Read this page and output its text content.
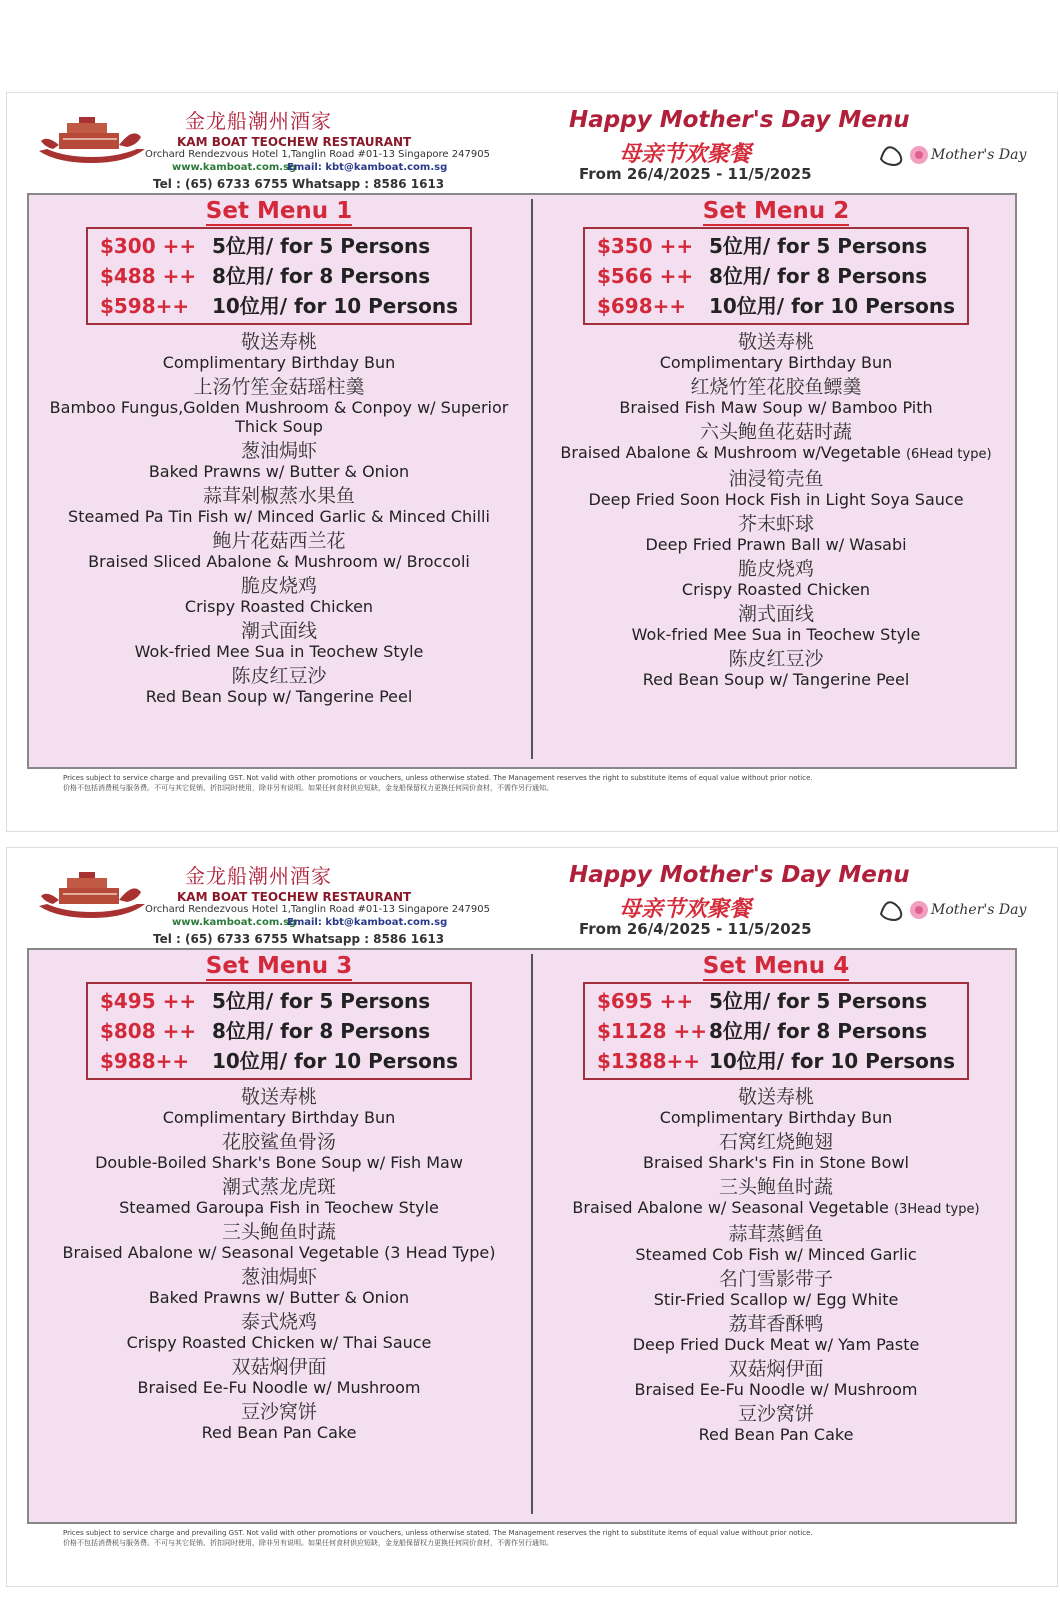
金龙船潮州酒家
KAM BOAT TEOCHEW RESTAURANT
Orchard Rendezvous Hotel 1,Tanglin Road #01-13 Singapore 247905
www.kamboat.com.sg
Email: kbt@kamboat.com.sg
Tel : (65) 6733 6755 Whatsapp : 8586 1613
Happy Mother's Day Menu
母亲节欢聚餐
From 26/4/2025 - 11/5/2025
Mother's Day
Set Menu 1
$300 ++ 5位用/ for 5 Persons
$488 ++ 8位用/ for 8 Persons
$598++ 10位用/ for 10 Persons
敬送寿桃
Complimentary Birthday Bun
上汤竹笙金菇瑶柱羹
Bamboo Fungus,Golden Mushroom & Conpoy w/ Superior Thick Soup
葱油焗虾
Baked Prawns w/ Butter & Onion
蒜茸剁椒蒸水果鱼
Steamed Pa Tin Fish w/ Minced Garlic & Minced Chilli
鲍片花菇西兰花
Braised Sliced Abalone & Mushroom w/ Broccoli
脆皮烧鸡
Crispy Roasted Chicken
潮式面线
Wok-fried Mee Sua in Teochew Style
陈皮红豆沙
Red Bean Soup w/ Tangerine Peel
Set Menu 2
$350 ++ 5位用/ for 5 Persons
$566 ++ 8位用/ for 8 Persons
$698++ 10位用/ for 10 Persons
敬送寿桃
Complimentary Birthday Bun
红烧竹笙花胶鱼鳔羹
Braised Fish Maw Soup w/ Bamboo Pith
六头鲍鱼花菇时蔬
Braised Abalone & Mushroom w/Vegetable (6Head type)
油浸筍壳鱼
Deep Fried Soon Hock Fish in Light Soya Sauce
芥末虾球
Deep Fried Prawn Ball w/ Wasabi
脆皮烧鸡
Crispy Roasted Chicken
潮式面线
Wok-fried Mee Sua in Teochew Style
陈皮红豆沙
Red Bean Soup w/ Tangerine Peel
Prices subject to service charge and prevailing GST. Not valid with other promotions or vouchers, unless otherwise stated. The Management reserves the right to substitute items of equal value without prior notice.
价格不包括消费税与服务费。不可与其它促销、折扣同时使用，除非另有说明。如果任何食材供应短缺，金龙船保留权力更换任何同价食材，不需作另行通知。
金龙船潮州酒家
KAM BOAT TEOCHEW RESTAURANT
Orchard Rendezvous Hotel 1,Tanglin Road #01-13 Singapore 247905
www.kamboat.com.sg
Email: kbt@kamboat.com.sg
Tel : (65) 6733 6755 Whatsapp : 8586 1613
Happy Mother's Day Menu
母亲节欢聚餐
From 26/4/2025 - 11/5/2025
Mother's Day
Set Menu 3
$495 ++ 5位用/ for 5 Persons
$808 ++ 8位用/ for 8 Persons
$988++ 10位用/ for 10 Persons
敬送寿桃
Complimentary Birthday Bun
花胶鲨鱼骨汤
Double-Boiled Shark's Bone Soup w/ Fish Maw
潮式蒸龙虎斑
Steamed Garoupa Fish in Teochew Style
三头鲍鱼时蔬
Braised Abalone w/ Seasonal Vegetable (3 Head Type)
葱油焗虾
Baked Prawns w/ Butter & Onion
泰式烧鸡
Crispy Roasted Chicken w/ Thai Sauce
双菇焖伊面
Braised Ee-Fu Noodle w/ Mushroom
豆沙窝饼
Red Bean Pan Cake
Set Menu 4
$695 ++ 5位用/ for 5 Persons
$1128 ++8位用/ for 8 Persons
$1388++ 10位用/ for 10 Persons
敬送寿桃
Complimentary Birthday Bun
石窝红烧鲍翅
Braised Shark's Fin in Stone Bowl
三头鲍鱼时蔬
Braised Abalone w/ Seasonal Vegetable (3Head type)
蒜茸蒸鳕鱼
Steamed Cob Fish w/ Minced Garlic
名门雪影带子
Stir-Fried Scallop w/ Egg White
荔茸香酥鸭
Deep Fried Duck Meat w/ Yam Paste
双菇焖伊面
Braised Ee-Fu Noodle w/ Mushroom
豆沙窝饼
Red Bean Pan Cake
Prices subject to service charge and prevailing GST. Not valid with other promotions or vouchers, unless otherwise stated. The Management reserves the right to substitute items of equal value without prior notice.
价格不包括消费税与服务费。不可与其它促销、折扣同时使用，除非另有说明。如果任何食材供应短缺，金龙船保留权力更换任何同价食材，不需作另行通知。
